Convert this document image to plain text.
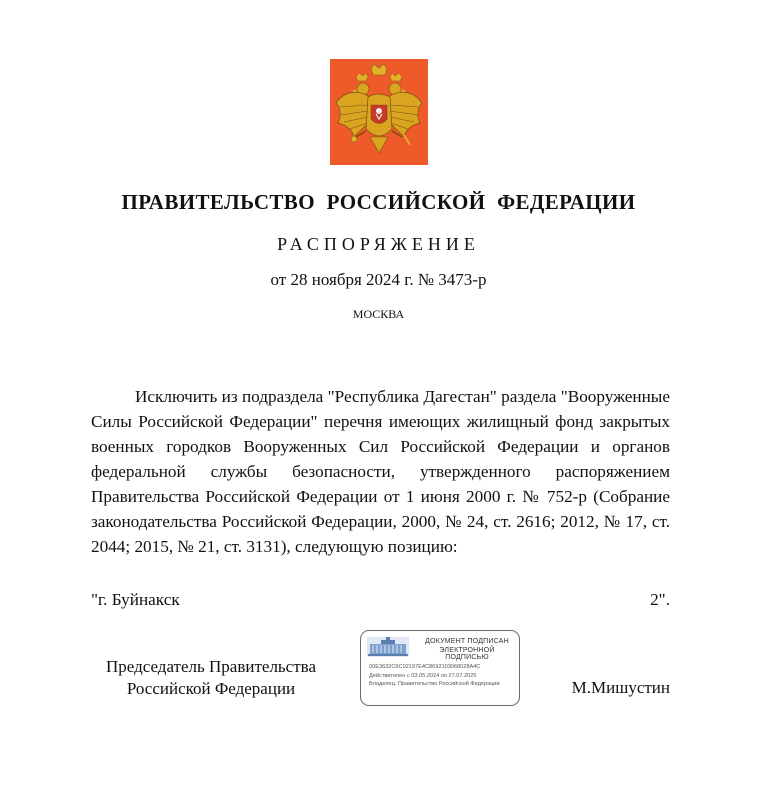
ПРАВИТЕЛЬСТВО РОССИЙСКОЙ ФЕДЕРАЦИИ
РАСПОРЯЖЕНИЕ
от 28 ноября 2024 г. № 3473-р
МОСКВА
Исключить из подраздела "Республика Дагестан" раздела "Вооруженные Силы Российской Федерации" перечня имеющих жилищный фонд закрытых военных городков Вооруженных Сил Российской Федерации и органов федеральной службы безопасности, утвержденного распоряжением Правительства Российской Федерации от 1 июня 2000 г. № 752-р (Собрание законодательства Российской Федерации, 2000, № 24, ст. 2616; 2012, № 17, ст. 2044; 2015, № 21, ст. 3131), следующую позицию:
"г. Буйнакск	2".
Председатель Правительства
Российской Федерации
ДОКУМЕНТ ПОДПИСАН
ЭЛЕКТРОННОЙ ПОДПИСЬЮ
00E3632C6C02197E4C8692103068028A4C
Действителен с 03.05.2024 по 27.07.2025
Владелец: Правительство Российской Федерации	М.Мишустин
